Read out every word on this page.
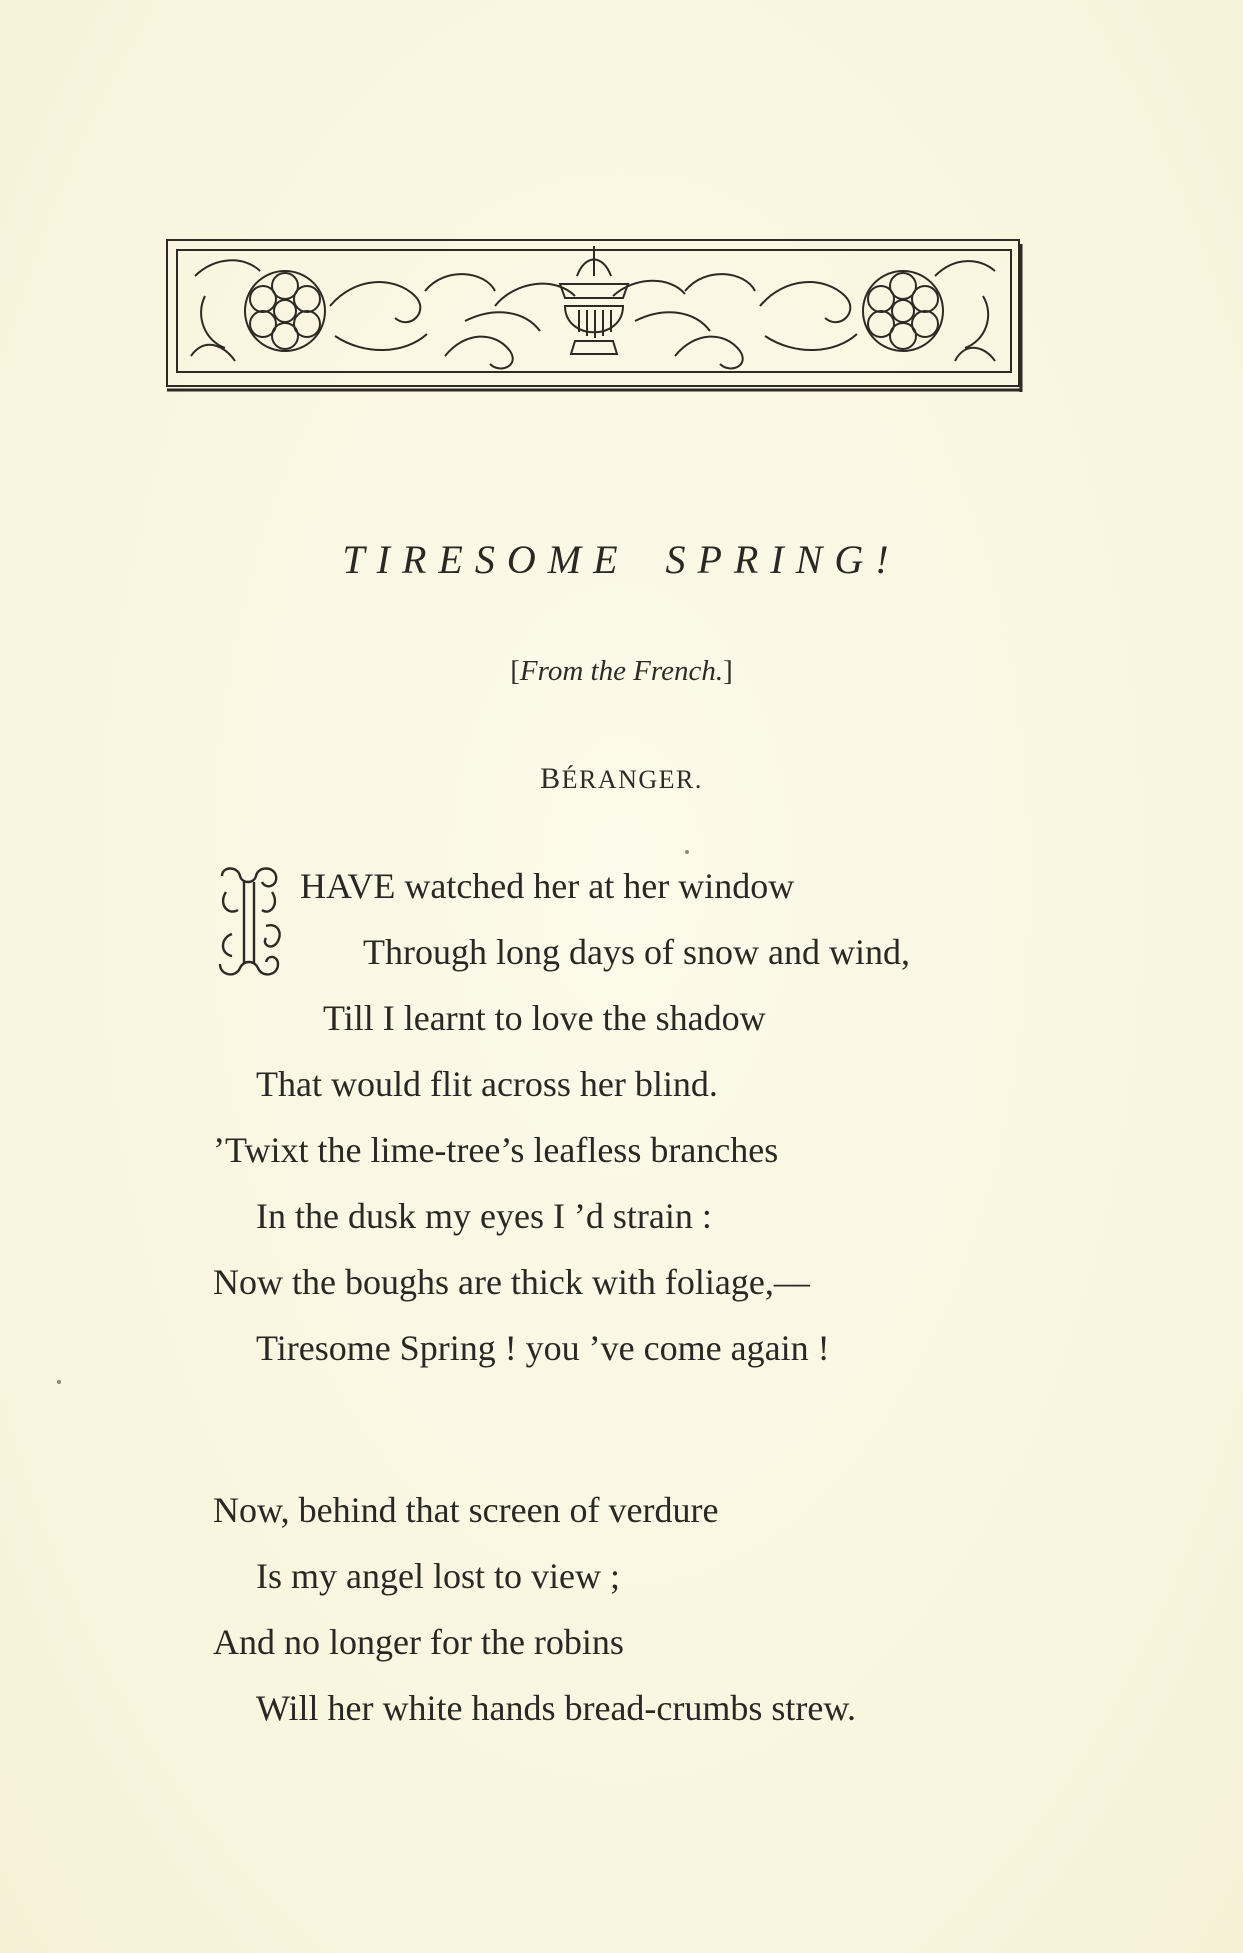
TIRESOME SPRING!
[From the French.]
BÉRANGER.
I
HAVE watched her at her window
Through long days of snow and wind,
Till I learnt to love the shadow
That would flit across her blind.
’Twixt the lime-tree’s leafless branches
In the dusk my eyes I ’d strain :
Now the boughs are thick with foliage,—
Tiresome Spring ! you ’ve come again !
Now, behind that screen of verdure
Is my angel lost to view ;
And no longer for the robins
Will her white hands bread-crumbs strew.
